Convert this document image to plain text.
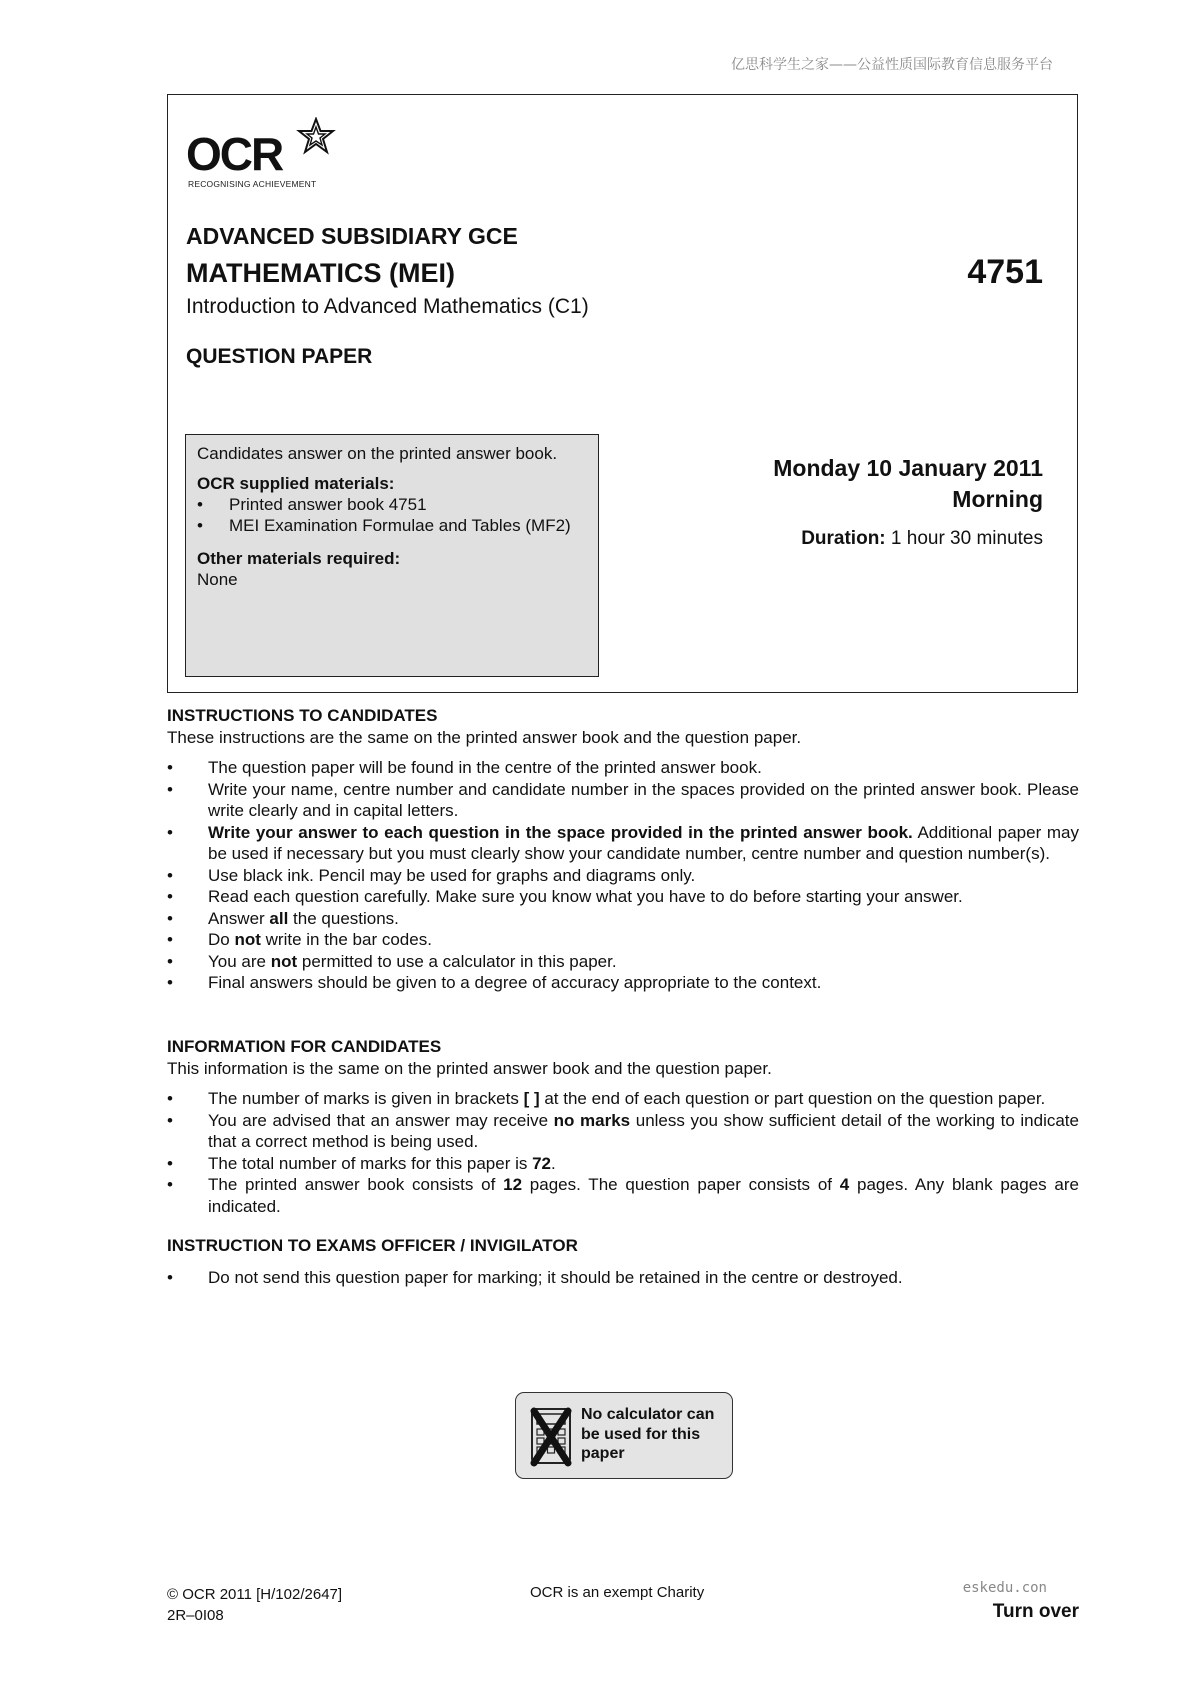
亿思科学生之家——公益性质国际教育信息服务平台
OCR
RECOGNISING ACHIEVEMENT
ADVANCED SUBSIDIARY GCE
MATHEMATICS (MEI)	4751
Introduction to Advanced Mathematics (C1)
QUESTION PAPER
Candidates answer on the printed answer book.
OCR supplied materials:
• Printed answer book 4751
• MEI Examination Formulae and Tables (MF2)
Other materials required:
None
Monday 10 January 2011
Morning
Duration: 1 hour 30 minutes
INSTRUCTIONS TO CANDIDATES
These instructions are the same on the printed answer book and the question paper.
• The question paper will be found in the centre of the printed answer book.
• Write your name, centre number and candidate number in the spaces provided on the printed answer book. Please write clearly and in capital letters.
• Write your answer to each question in the space provided in the printed answer book. Additional paper may be used if necessary but you must clearly show your candidate number, centre number and question number(s).
• Use black ink. Pencil may be used for graphs and diagrams only.
• Read each question carefully. Make sure you know what you have to do before starting your answer.
• Answer all the questions.
• Do not write in the bar codes.
• You are not permitted to use a calculator in this paper.
• Final answers should be given to a degree of accuracy appropriate to the context.
INFORMATION FOR CANDIDATES
This information is the same on the printed answer book and the question paper.
• The number of marks is given in brackets [ ] at the end of each question or part question on the question paper.
• You are advised that an answer may receive no marks unless you show sufficient detail of the working to indicate that a correct method is being used.
• The total number of marks for this paper is 72.
• The printed answer book consists of 12 pages. The question paper consists of 4 pages. Any blank pages are indicated.
INSTRUCTION TO EXAMS OFFICER / INVIGILATOR
• Do not send this question paper for marking; it should be retained in the centre or destroyed.
No calculator can
be used for this
paper
© OCR 2011 [H/102/2647]
2R–0I08
OCR is an exempt Charity	eskedu.con
Turn over
